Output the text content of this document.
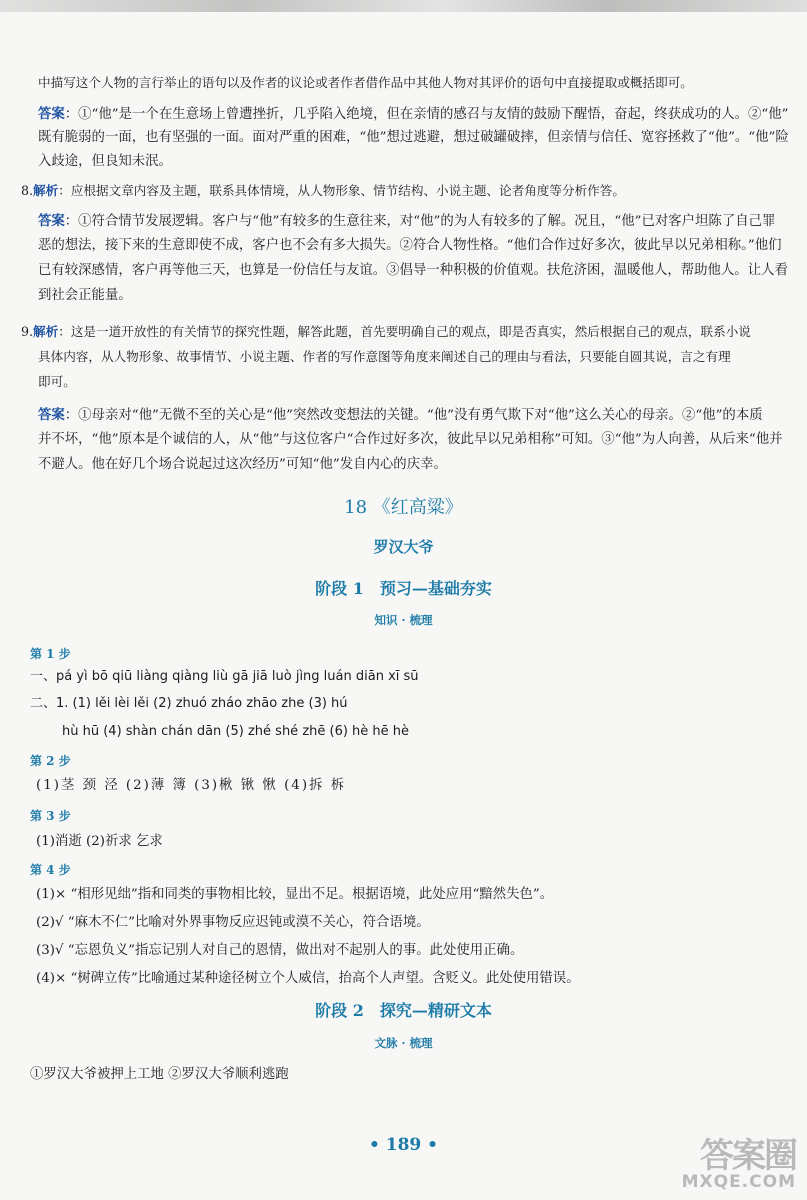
中描写这个人物的言行举止的语句以及作者的议论或者作者借作品中其他人物对其评价的语句中直接提取或概括即可。
答案：①“他”是一个在生意场上曾遭挫折，几乎陷入绝境，但在亲情的感召与友情的鼓励下醒悟，奋起，终获成功的人。②“他”
既有脆弱的一面，也有坚强的一面。面对严重的困难，“他”想过逃避，想过破罐破摔，但亲情与信任、宽容拯救了“他”。“他”险
入歧途，但良知未泯。
8.解析：应根据文章内容及主题，联系具体情境，从人物形象、情节结构、小说主题、论者角度等分析作答。
答案：①符合情节发展逻辑。客户与“他”有较多的生意往来，对“他”的为人有较多的了解。况且，“他”已对客户坦陈了自己罪
恶的想法，接下来的生意即使不成，客户也不会有多大损失。②符合人物性格。“他们合作过好多次，彼此早以兄弟相称。”他们
已有较深感情，客户再等他三天，也算是一份信任与友谊。③倡导一种积极的价值观。扶危济困，温暖他人，帮助他人。让人看
到社会正能量。
9.解析：这是一道开放性的有关情节的探究性题，解答此题，首先要明确自己的观点，即是否真实，然后根据自己的观点，联系小说
具体内容，从人物形象、故事情节、小说主题、作者的写作意图等角度来阐述自己的理由与看法，只要能自圆其说，言之有理
即可。
答案：①母亲对“他”无微不至的关心是“他”突然改变想法的关键。“他”没有勇气欺下对“他”这么关心的母亲。②“他”的本质
并不坏，“他”原本是个诚信的人，从“他”与这位客户“合作过好多次，彼此早以兄弟相称”可知。③“他”为人向善，从后来“他并
不避人。他在好几个场合说起过这次经历”可知“他”发自内心的庆幸。
18 《红高粱》
罗汉大爷
阶段 1　预习—基础夯实
知识 · 梳理
第 1 步
一、pá yì bō qiū liàng qiàng liù gā jiā luò jìng luán diān xī sū
二、1. (1) lěi lèi lěi (2) zhuó zháo zhāo zhe (3) hú
hù hū (4) shàn chán dān (5) zhé shé zhē (6) hè hē hè
第 2 步
(1)茎 颈 泾 (2)薄 簿 (3)楸 锹 愀 (4)拆 柝
第 3 步
(1)消逝 (2)祈求 乞求
第 4 步
(1)× “相形见绌”指和同类的事物相比较，显出不足。根据语境，此处应用“黯然失色”。
(2)√ “麻木不仁”比喻对外界事物反应迟钝或漠不关心，符合语境。
(3)√ “忘恩负义”指忘记别人对自己的恩情，做出对不起别人的事。此处使用正确。
(4)× “树碑立传”比喻通过某种途径树立个人威信，抬高个人声望。含贬义。此处使用错误。
阶段 2　探究—精研文本
文脉 · 梳理
①罗汉大爷被押上工地 ②罗汉大爷顺利逃跑
• 189 •	答案圈
MXQE.COM
